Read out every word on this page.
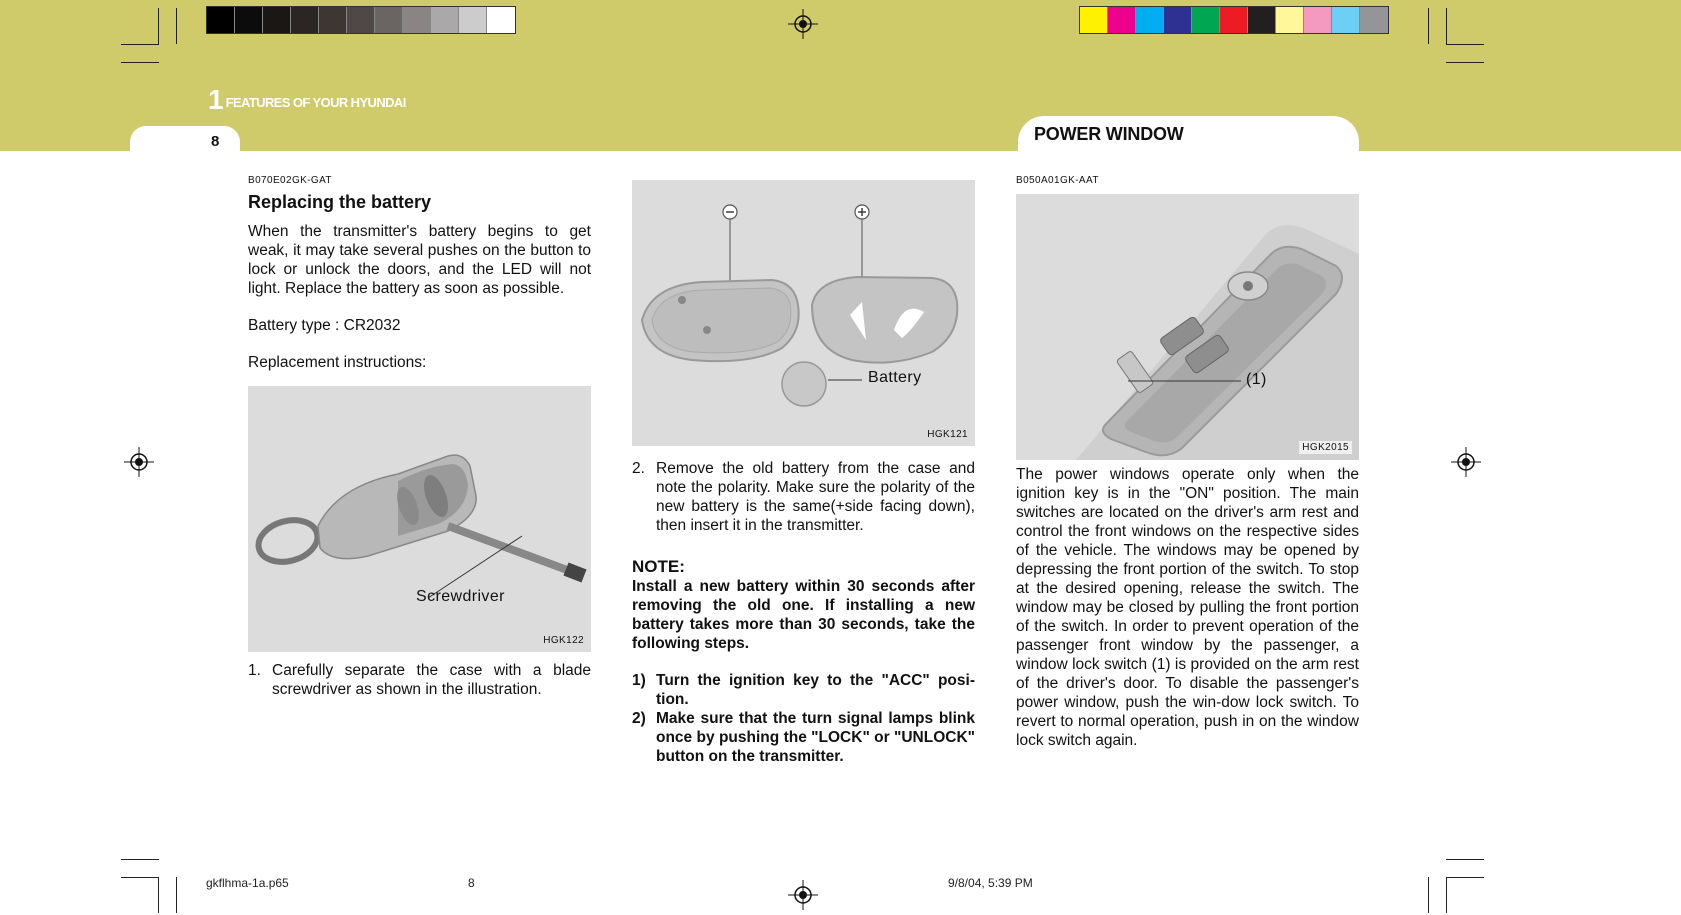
1 FEATURES OF YOUR HYUNDAI
8	POWER WINDOW
B070E02GK-GAT
Replacing the battery

When the transmitter's battery begins to get weak, it may take several pushes on the button to lock or unlock the doors, and the LED will not light. Replace the battery as soon as possible.

Battery type : CR2032

Replacement instructions:

Screwdriver
HGK122
1. Carefully separate the case with a blade screwdriver as shown in the illustration.
Battery
HGK121
2. Remove the old battery from the case and note the polarity. Make sure the polarity of the new battery is the same(+side facing down), then insert it in the transmitter.
NOTE:

Install a new battery within 30 seconds after removing the old one. If installing a new battery takes more than 30 seconds, take the following steps.

1) Turn the ignition key to the "ACC" posi-tion.
2) Make sure that the turn signal lamps blink once by pushing the "LOCK" or "UNLOCK" button on the transmitter.
B050A01GK-AAT
(1)
HGK2015

The power windows operate only when the ignition key is in the "ON" position. The main switches are located on the driver's arm rest and control the front windows on the respective sides of the vehicle. The windows may be opened by depressing the front portion of the switch. To stop at the desired opening, release the switch. The window may be closed by pulling the front portion of the switch. In order to prevent operation of the passenger front window by the passenger, a window lock switch (1) is provided on the arm rest of the driver's door. To disable the passenger's power window, push the win-dow lock switch. To revert to normal operation, push in on the window lock switch again.

gkflhma-1a.p65	8	9/8/04, 5:39 PM
